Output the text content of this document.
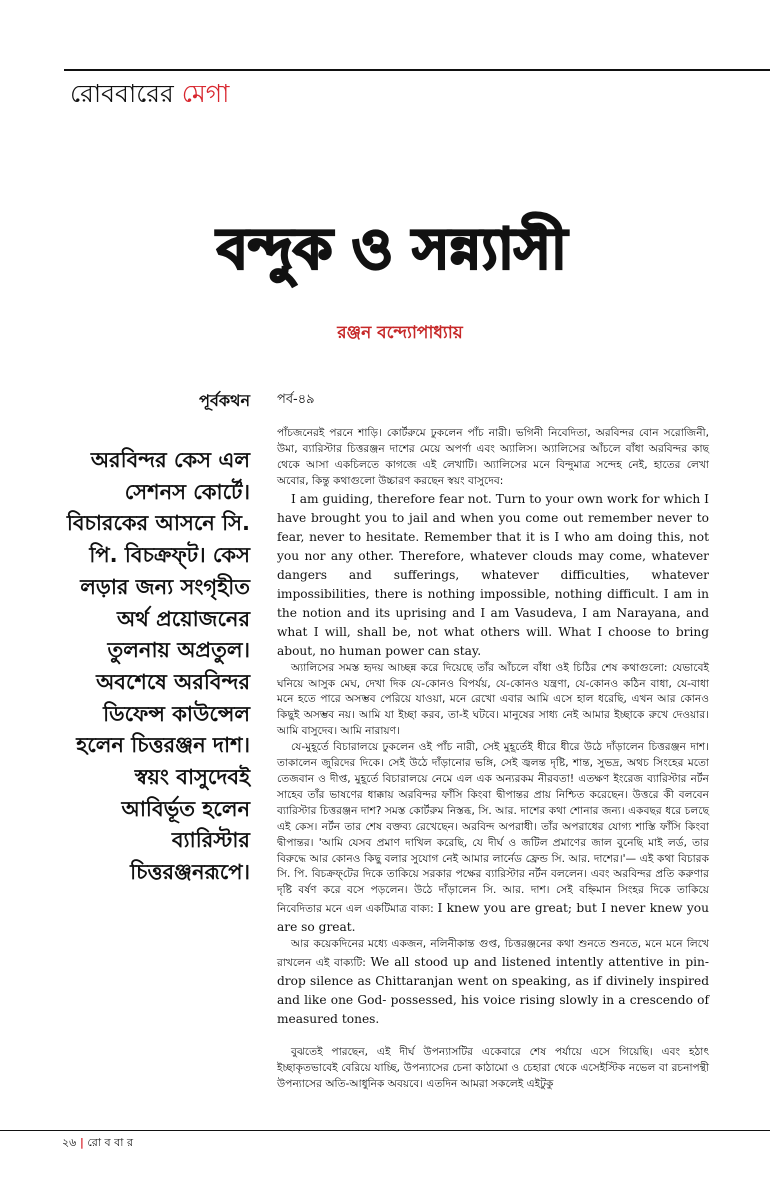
রোববারের মেগা
বন্দুক ও সন্ন্যাসী
রঞ্জন বন্দ্যোপাধ্যায়
পূর্বকথন পর্ব-৪৯
অরবিন্দর কেস এল সেশনস কোর্টে। বিচারকের আসনে সি. পি. বিচক্রফ্‌ট। কেস লড়ার জন্য সংগৃহীত অর্থ প্রয়োজনের তুলনায় অপ্রতুল। অবশেষে অরবিন্দর ডিফেন্স কাউন্সেল হলেন চিত্তরঞ্জন দাশ। স্বয়ং বাসুদেবই আবির্ভূত হলেন ব্যারিস্টার চিত্তরঞ্জনরূপে।

পাঁচজনেরই পরনে শাড়ি। কোর্টরুমে ঢুকলেন পাঁচ নারী। ভগিনী নিবেদিতা, অরবিন্দর বোন সরোজিনী, উমা, ব্যারিস্টার চিত্তরঞ্জন দাশের মেয়ে অপর্ণা এবং অ্যালিস। অ্যালিসের আঁচলে বাঁধা অরবিন্দর কাছ থেকে আসা একচিলতে কাগজে এই লেখাটি। অ্যালিসের মনে বিন্দুমাত্র সন্দেহ নেই, হাতের লেখা অবোর, কিন্তু কথাগুলো উচ্চারণ করছেন স্বয়ং বাসুদেব:

I am guiding, therefore fear not. Turn to your own work for which I have brought you to jail and when you come out remember never to fear, never to hesitate. Remember that it is I who am doing this, not you nor any other. Therefore, whatever clouds may come, whatever dangers and sufferings, whatever difficulties, whatever impossibilities, there is nothing impossible, nothing difficult. I am in the notion and its uprising and I am Vasudeva, I am Narayana, and what I will, shall be, not what others will. What I choose to bring about, no human power can stay.

অ্যালিসের সমস্ত হৃদয় আচ্ছন্ন করে দিয়েছে তাঁর আঁচলে বাঁধা ওই চিঠির শেষ কথাগুলো: যেভাবেই ঘনিয়ে আসুক মেঘ, দেখা দিক যে-কোনও বিপর্যয়, যে-কোনও যন্ত্রণা, যে-কোনও কঠিন বাধা, যে-বাধা মনে হতে পারে অসম্ভব পেরিয়ে যাওয়া, মনে রেখো এবার আমি এসে হাল ধরেছি, এখন আর কোনও কিছুই অসম্ভব নয়। আমি যা ইচ্ছা করব, তা-ই ঘটবে। মানুষের সাধ্য নেই আমার ইচ্ছাকে রুখে দেওয়ার। আমি বাসুদেব। আমি নারায়ণ।

যে-মুহূর্তে বিচারালয়ে ঢুকলেন ওই পাঁচ নারী, সেই মুহূর্তেই ধীরে ধীরে উঠে দাঁড়ালেন চিত্তরঞ্জন দাশ। তাকালেন জুরিদের দিকে। সেই উঠে দাঁড়ানোর ভঙ্গি, সেই জ্বলন্ত দৃষ্টি, শান্ত, সুভদ্র, অথচ সিংহের মতো তেজবান ও দীপ্ত, মুহূর্তে বিচারালয়ে নেমে এল এক অন্যরকম নীরবতা! এতক্ষণ ইংরেজ ব্যারিস্টার নর্টন সাহেব তাঁর ভাষণের ধাক্কায় অরবিন্দর ফাঁসি কিংবা দ্বীপান্তর প্রায় নিশ্চিত করেছেন। উত্তরে কী বলবেন ব্যারিস্টার চিত্তরঞ্জন দাশ? সমস্ত কোর্টরুম নিস্তব্ধ, সি. আর. দাশের কথা শোনার জন্য। একবছর ধরে চলছে এই কেস। নর্টন তার শেষ বক্তব্য রেখেছেন। অরবিন্দ অপরাধী। তাঁর অপরাধের যোগ্য শাস্তি ফাঁসি কিংবা দ্বীপান্তর। 'আমি যেসব প্রমাণ দাখিল করেছি, যে দীর্ঘ ও জটিল প্রমাণের জাল বুনেছি মাই লর্ড, তার বিরুদ্ধে আর কোনও কিছু বলার সুযোগ নেই আমার লার্নেড ফ্রেন্ড সি. আর. দাশের।'— এই কথা বিচারক সি. পি. বিচক্রফ্‌টের দিকে তাকিয়ে সরকার পক্ষের ব্যারিস্টার নর্টন বললেন। এবং অরবিন্দর প্রতি করুণার দৃষ্টি বর্ষণ করে বসে পড়লেন। উঠে দাঁড়ালেন সি. আর. দাশ। সেই বহ্নিমান সিংহর দিকে তাকিয়ে নিবেদিতার মনে এল একটিমাত্র বাক্য: I knew you are great; but I never knew you are so great.

আর কয়েকদিনের মধ্যে একজন, নলিনীকান্ত গুপ্ত, চিত্তরঞ্জনের কথা শুনতে শুনতে, মনে মনে লিখে রাখলেন এই বাক্যটি: We all stood up and listened intently attentive in pin-drop silence as Chittaranjan went on speaking, as if divinely inspired and like one God- possessed, his voice rising slowly in a crescendo of measured tones.

বুঝতেই পারছেন, এই দীর্ঘ উপন্যাসটির একেবারে শেষ পর্যায়ে এসে গিয়েছি। এবং হঠাৎ ইচ্ছাকৃতভাবেই বেরিয়ে যাচ্ছি, উপন্যাসের চেনা কাঠামো ও চেহারা থেকে এসেইস্টিক নভেল বা রচনাপন্থী উপন্যাসের অতি-আধুনিক অবয়বে। এতদিন আমরা সকলেই এইটুকু

২৬ | রো ব বা র
